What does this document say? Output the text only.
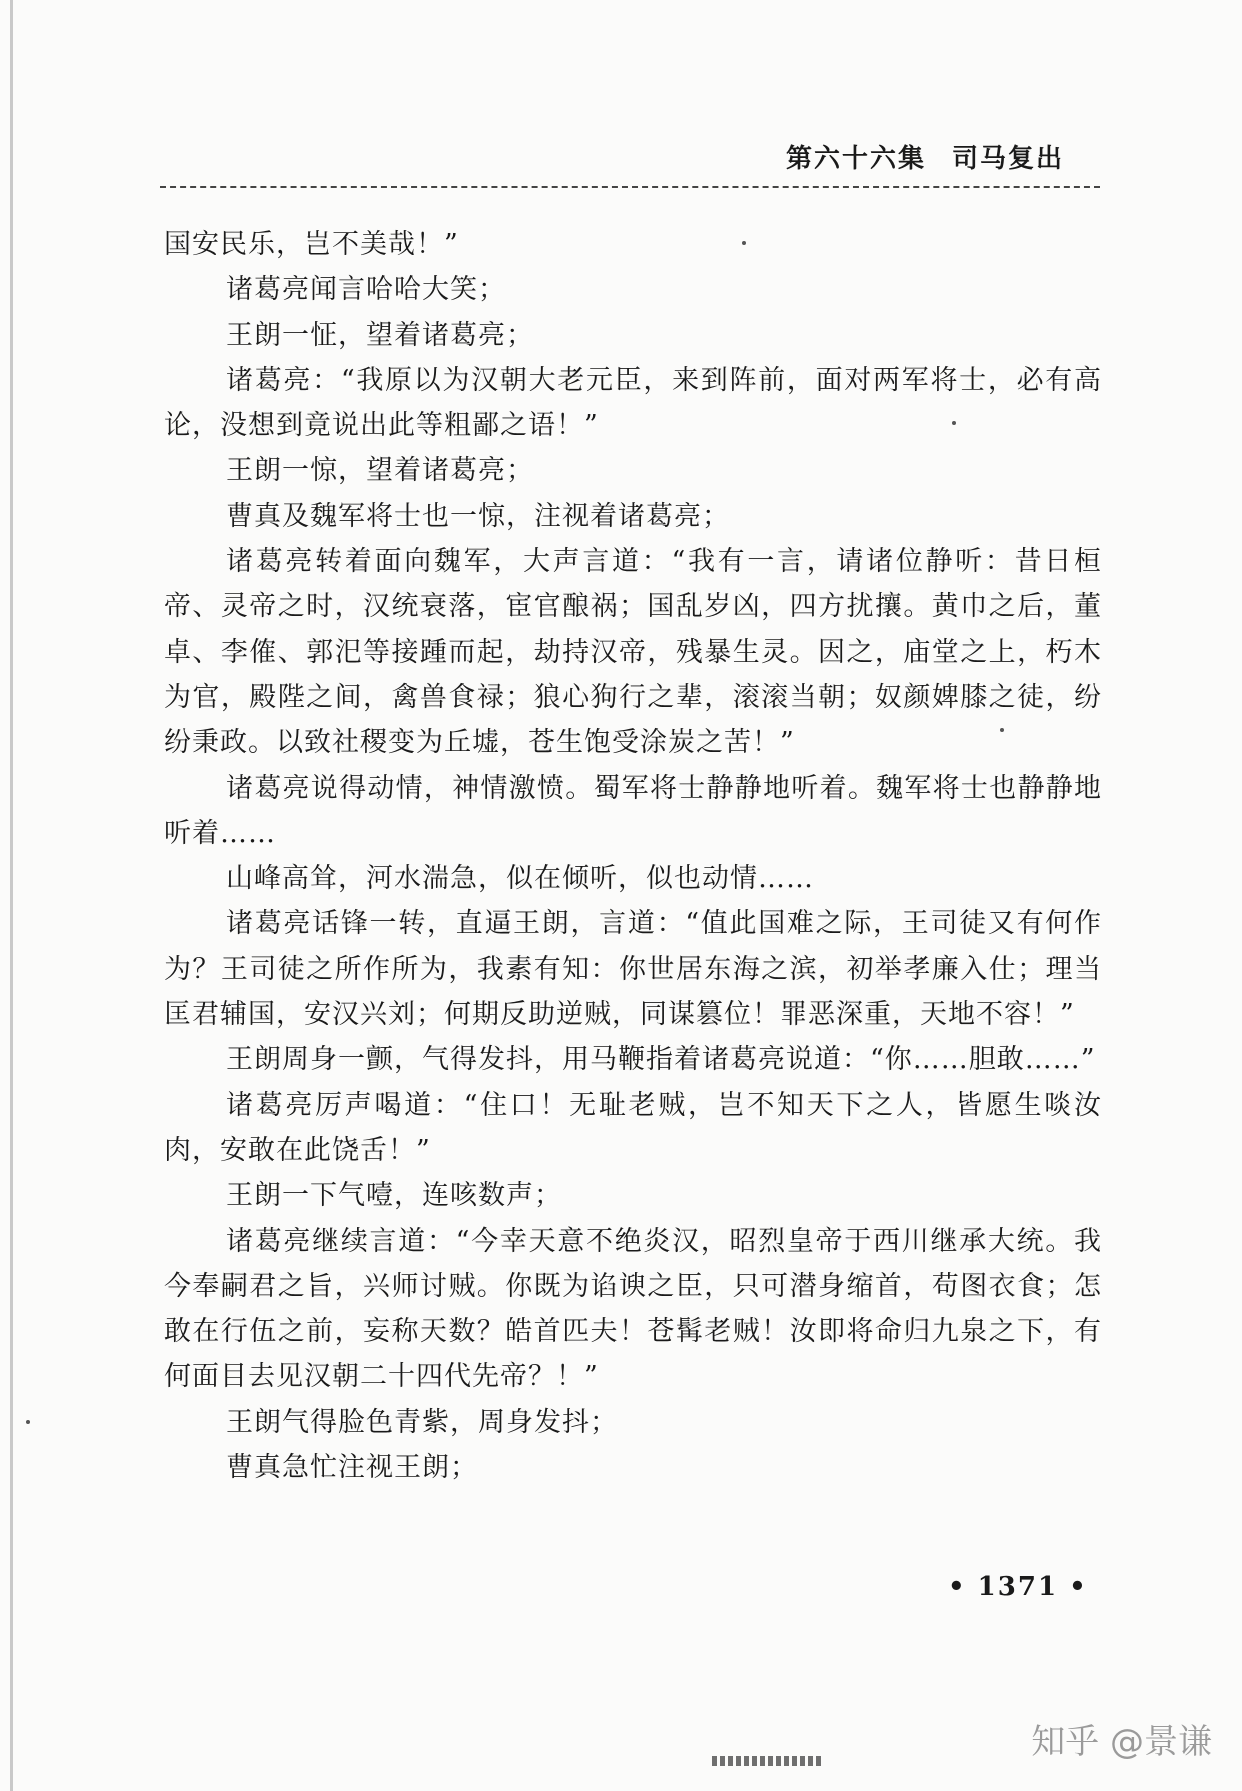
第六十六集 司马复出

国安民乐，岂不美哉！”

诸葛亮闻言哈哈大笑；

王朗一怔，望着诸葛亮；

诸葛亮：“我原以为汉朝大老元臣，来到阵前，面对两军将士，必有高论，没想到竟说出此等粗鄙之语！”

王朗一惊，望着诸葛亮；

曹真及魏军将士也一惊，注视着诸葛亮；

诸葛亮转着面向魏军，大声言道：“我有一言，请诸位静听：昔日桓帝、灵帝之时，汉统衰落，宦官酿祸；国乱岁凶，四方扰攘。黄巾之后，董卓、李傕、郭汜等接踵而起，劫持汉帝，残暴生灵。因之，庙堂之上，朽木为官，殿陛之间，禽兽食禄；狼心狗行之辈，滚滚当朝；奴颜婢膝之徒，纷纷秉政。以致社稷变为丘墟，苍生饱受涂炭之苦！”

诸葛亮说得动情，神情激愤。蜀军将士静静地听着。魏军将士也静静地听着……

山峰高耸，河水湍急，似在倾听，似也动情……

诸葛亮话锋一转，直逼王朗，言道：“值此国难之际，王司徒又有何作为？王司徒之所作所为，我素有知：你世居东海之滨，初举孝廉入仕；理当匡君辅国，安汉兴刘；何期反助逆贼，同谋篡位！罪恶深重，天地不容！”

王朗周身一颤，气得发抖，用马鞭指着诸葛亮说道：“你……胆敢……”

诸葛亮厉声喝道：“住口！无耻老贼，岂不知天下之人，皆愿生啖汝肉，安敢在此饶舌！”

王朗一下气噎，连咳数声；

诸葛亮继续言道：“今幸天意不绝炎汉，昭烈皇帝于西川继承大统。我今奉嗣君之旨，兴师讨贼。你既为谄谀之臣，只可潜身缩首，苟图衣食；怎敢在行伍之前，妄称天数？皓首匹夫！苍髯老贼！汝即将命归九泉之下，有何面目去见汉朝二十四代先帝？！”

王朗气得脸色青紫，周身发抖；

曹真急忙注视王朗；

• 1371 •
知乎 @景谦
